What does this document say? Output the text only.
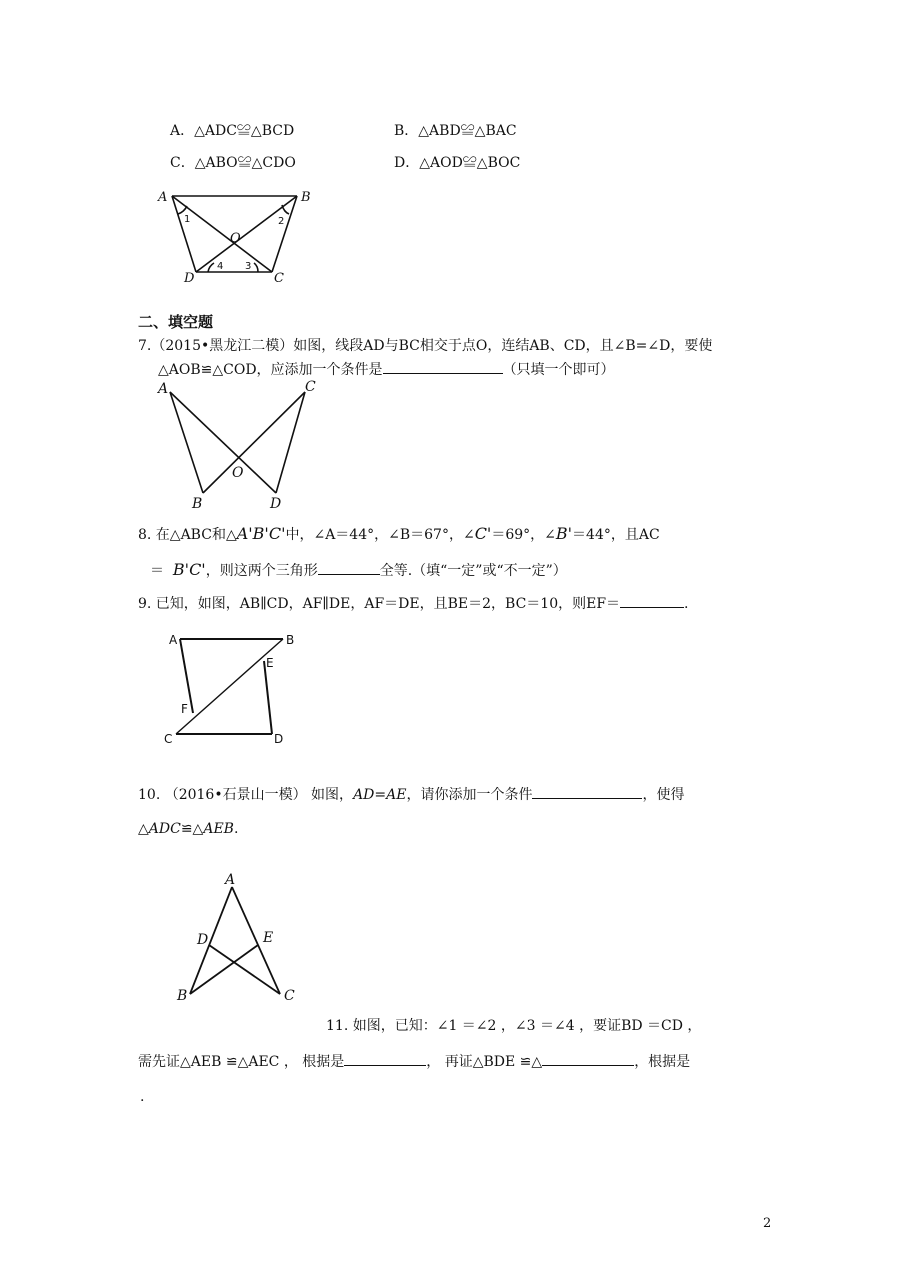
A．△ADC≌△BCD	B．△ABD≌△BAC
C．△ABO≌△CDO	D．△AOD≌△BOC
A	B
O
D	C
1	2
3
4
二、填空题
7.（2015•黑龙江二模）如图，线段AD与BC相交于点O，连结AB、CD，且∠B=∠D，要使
△AOB≌△COD，应添加一个条件是	（只填一个即可）
A	C
O
B	D
8. 在△ABC和△A'B'C'中，∠A＝44°，∠B＝67°，∠C'＝69°，∠B'＝44°，且AC
＝ B'C'，则这两个三角形	全等.（填“一定”或“不一定”）
9. 已知，如图，AB∥CD，AF∥DE，AF＝DE，且BE＝2，BC＝10，则EF＝	.
A	B
E
F
C	D
10. （2016•石景山一模） 如图，AD=AE，请你添加一个条件	，使得
△ADC≌△AEB.
A
D	E
B	C
11. 如图，已知：∠1 ＝∠2 ，∠3 ＝∠4 ，要证BD ＝CD ，
需先证△AEB ≌△AEC ， 根据是	， 再证△BDE ≌△	，根据是
.
2
